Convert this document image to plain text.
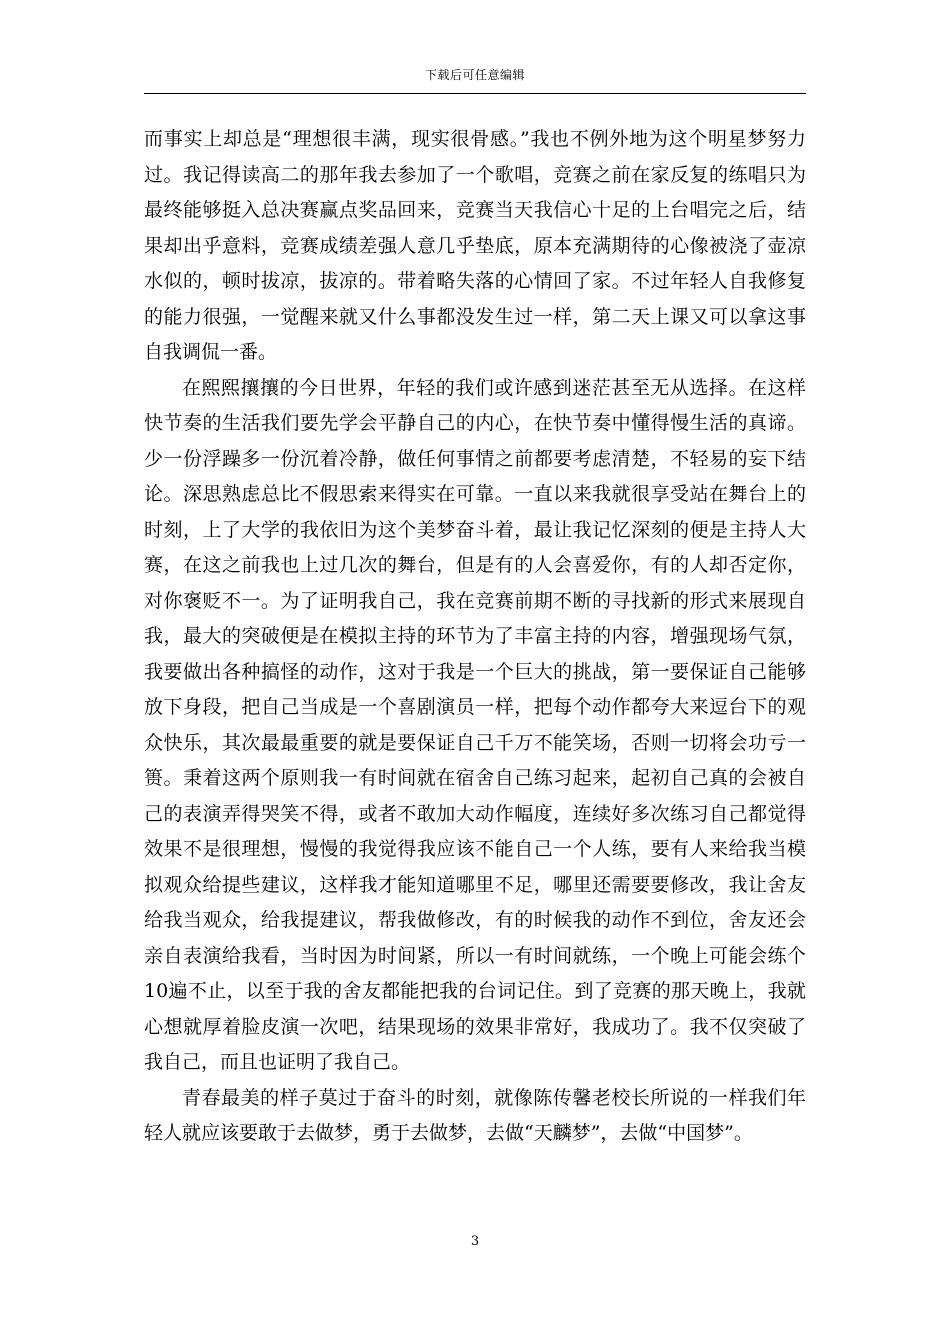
下载后可任意编辑

而事实上却总是“理想很丰满，现实很骨感。”我也不例外地为这个明星梦努力过。我记得读高二的那年我去参加了一个歌唱，竞赛之前在家反复的练唱只为最终能够挺入总决赛赢点奖品回来，竞赛当天我信心十足的上台唱完之后，结果却出乎意料，竞赛成绩差强人意几乎垫底，原本充满期待的心像被浇了壶凉水似的，顿时拔凉，拔凉的。带着略失落的心情回了家。不过年轻人自我修复的能力很强，一觉醒来就又什么事都没发生过一样，第二天上课又可以拿这事自我调侃一番。

在熙熙攘攘的今日世界，年轻的我们或许感到迷茫甚至无从选择。在这样快节奏的生活我们要先学会平静自己的内心，在快节奏中懂得慢生活的真谛。少一份浮躁多一份沉着冷静，做任何事情之前都要考虑清楚，不轻易的妄下结论。深思熟虑总比不假思索来得实在可靠。一直以来我就很享受站在舞台上的时刻，上了大学的我依旧为这个美梦奋斗着，最让我记忆深刻的便是主持人大赛，在这之前我也上过几次的舞台，但是有的人会喜爱你，有的人却否定你，对你褒贬不一。为了证明我自己，我在竞赛前期不断的寻找新的形式来展现自我，最大的突破便是在模拟主持的环节为了丰富主持的内容，增强现场气氛，我要做出各种搞怪的动作，这对于我是一个巨大的挑战，第一要保证自己能够放下身段，把自己当成是一个喜剧演员一样，把每个动作都夸大来逗台下的观众快乐，其次最最重要的就是要保证自己千万不能笑场，否则一切将会功亏一篑。秉着这两个原则我一有时间就在宿舍自己练习起来，起初自己真的会被自己的表演弄得哭笑不得，或者不敢加大动作幅度，连续好多次练习自己都觉得效果不是很理想，慢慢的我觉得我应该不能自己一个人练，要有人来给我当模拟观众给提些建议，这样我才能知道哪里不足，哪里还需要要修改，我让舍友给我当观众，给我提建议，帮我做修改，有的时候我的动作不到位，舍友还会亲自表演给我看，当时因为时间紧，所以一有时间就练，一个晚上可能会练个10遍不止，以至于我的舍友都能把我的台词记住。到了竞赛的那天晚上，我就心想就厚着脸皮演一次吧，结果现场的效果非常好，我成功了。我不仅突破了我自己，而且也证明了我自己。

青春最美的样子莫过于奋斗的时刻，就像陈传馨老校长所说的一样我们年轻人就应该要敢于去做梦，勇于去做梦，去做“天麟梦”，去做“中国梦”。

3
